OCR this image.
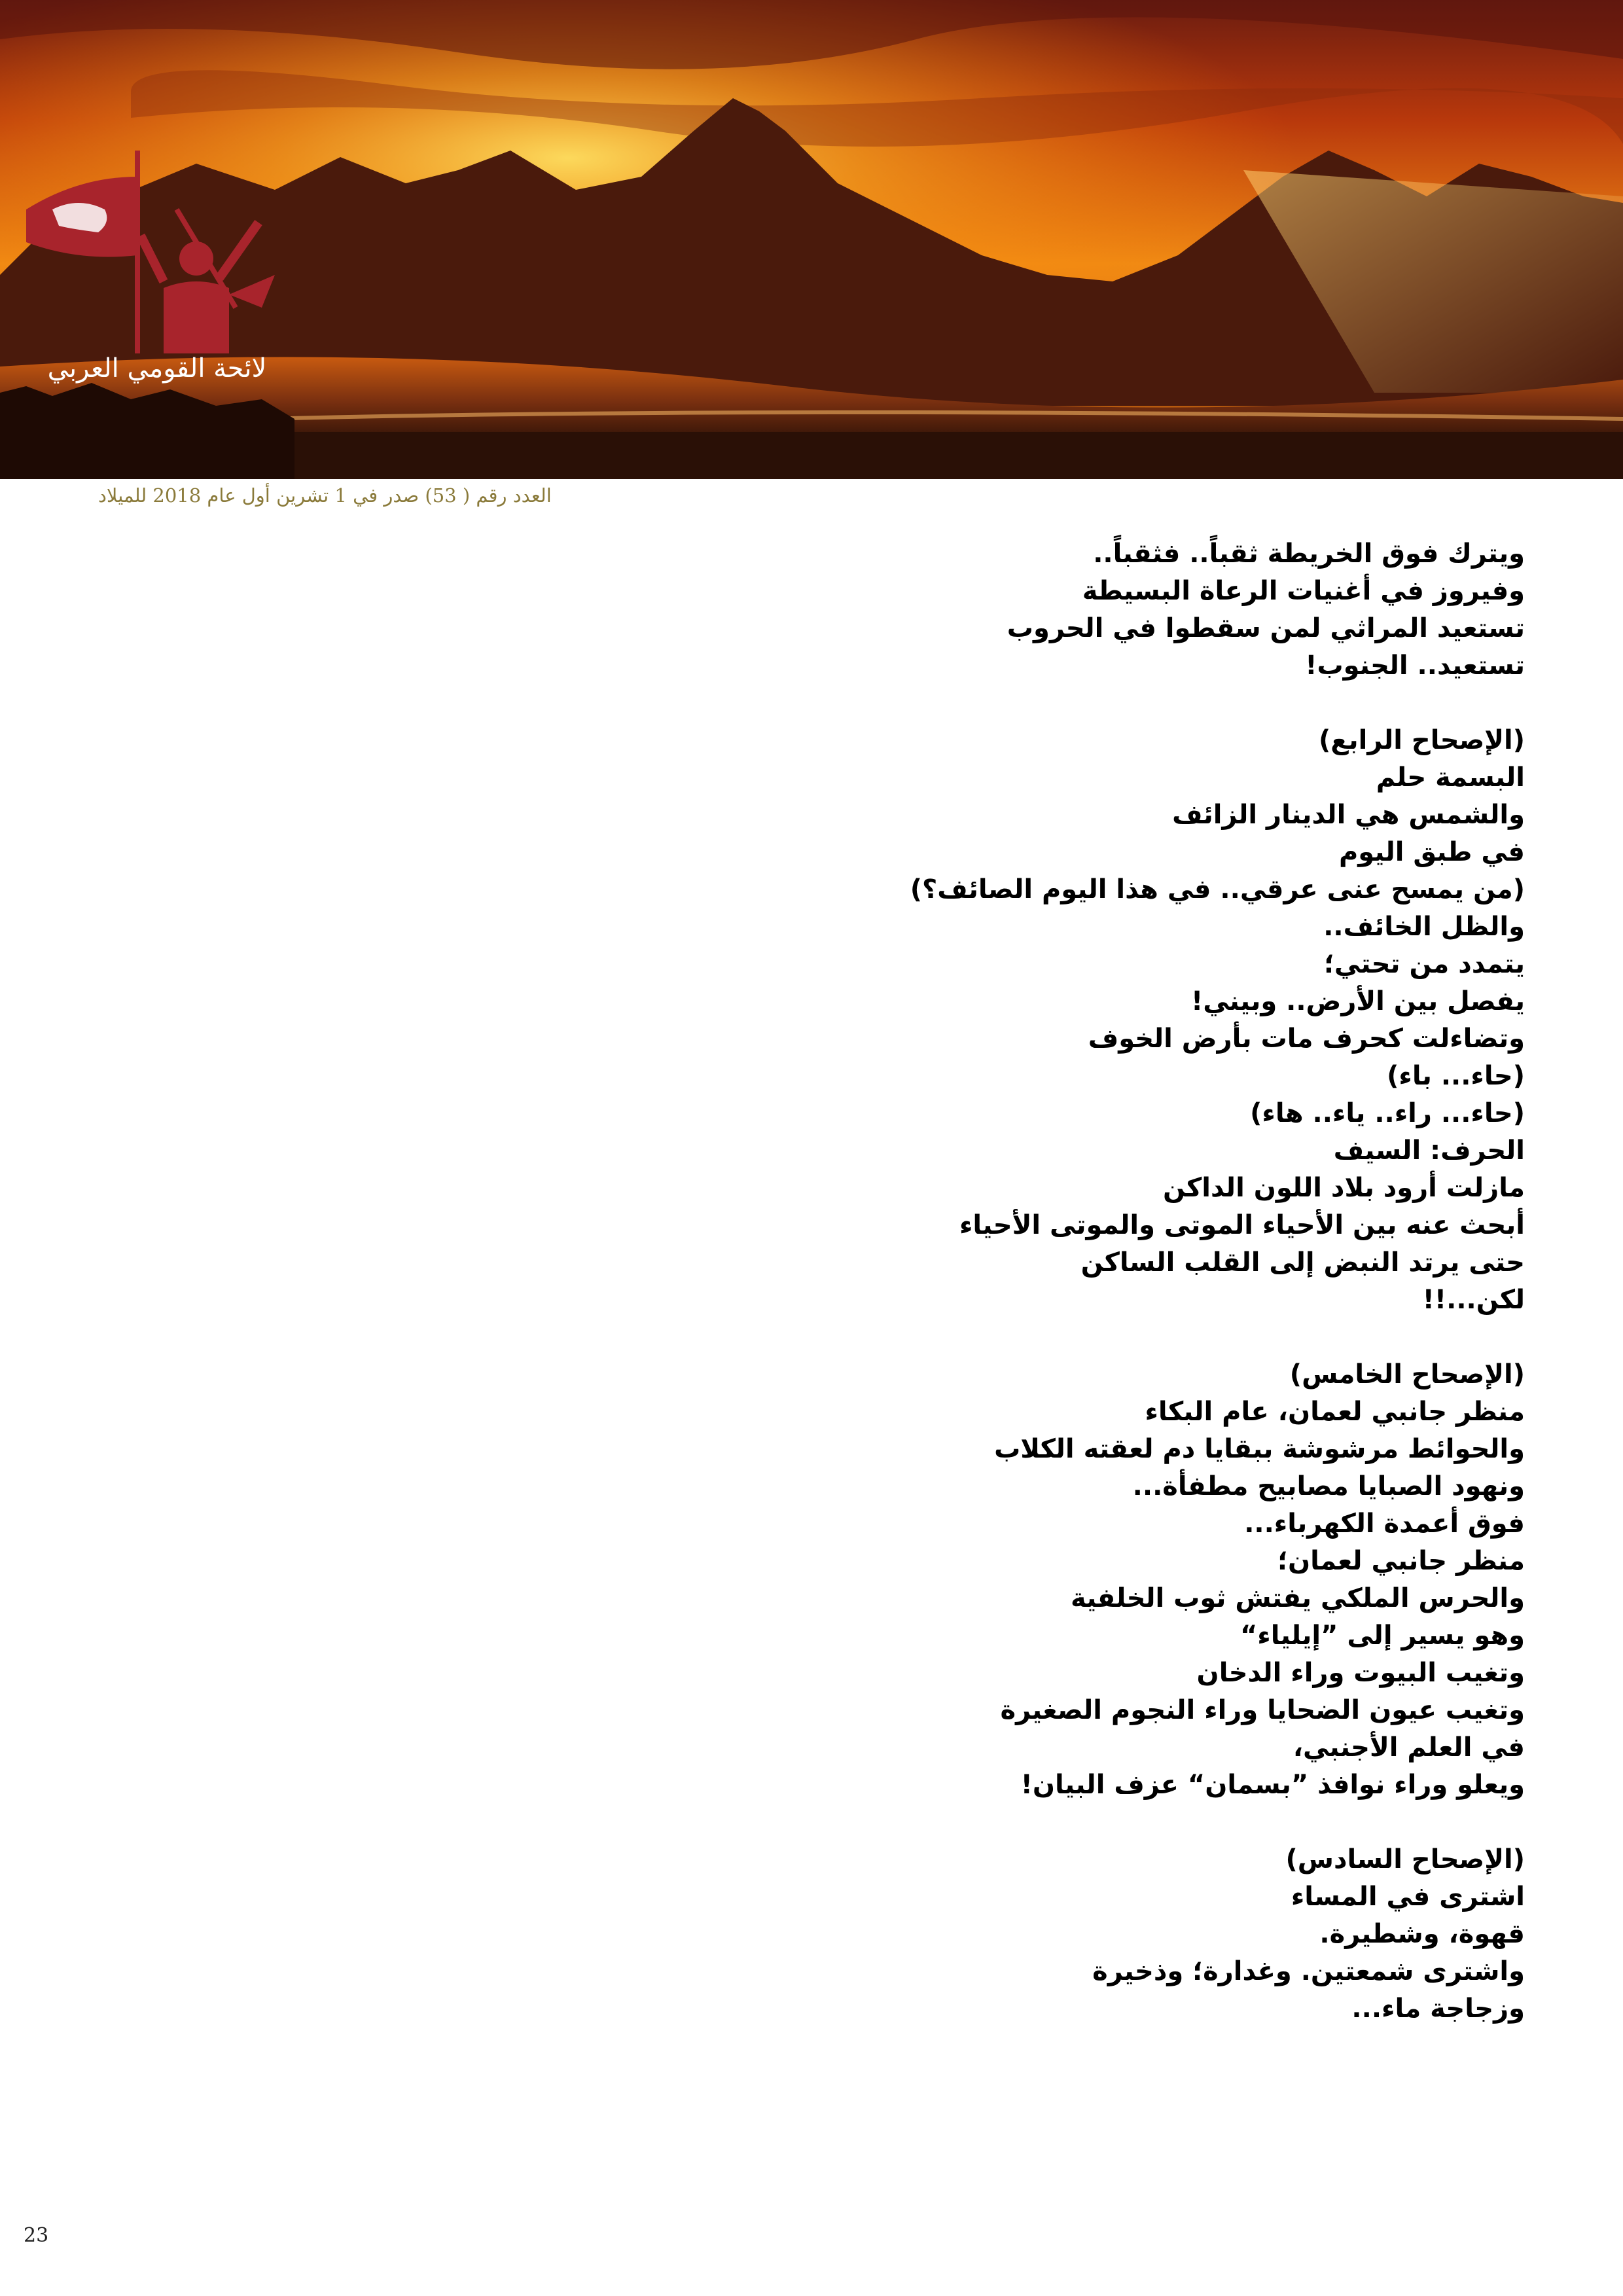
لائحة القومي العربي
العدد رقم ( 53) صدر في 1 تشرين أول عام 2018 للميلاد
ويترك فوق الخريطة ثقباً.. فثقباً..
وفيروز في أغنيات الرعاة البسيطة
تستعيد المراثي لمن سقطوا في الحروب
تستعيد.. الجنوب!
(الإصحاح الرابع)
البسمة حلم
والشمس هي الدينار الزائف
في طبق اليوم
(من يمسح عنى عرقي.. في هذا اليوم الصائف؟)
والظل الخائف..
يتمدد من تحتي؛
يفصل بين الأرض.. وبيني!
وتضاءلت كحرف مات بأرض الخوف
(حاء... باء)
(حاء... راء.. ياء.. هاء)
الحرف: السيف
مازلت أرود بلاد اللون الداكن
أبحث عنه بين الأحياء الموتى والموتى الأحياء
حتى يرتد النبض إلى القلب الساكن
لكن...!!
(الإصحاح الخامس)
منظر جانبي لعمان، عام البكاء
والحوائط مرشوشة ببقايا دم لعقته الكلاب
ونهود الصبايا مصابيح مطفأة...
فوق أعمدة الكهرباء...
منظر جانبي لعمان؛
والحرس الملكي يفتش ثوب الخلفية
وهو يسير إلى ”إيلياء“
وتغيب البيوت وراء الدخان
وتغيب عيون الضحايا وراء النجوم الصغيرة
في العلم الأجنبي،
ويعلو وراء نوافذ ”بسمان“ عزف البيان!
(الإصحاح السادس)
اشترى في المساء
قهوة، وشطيرة.
واشترى شمعتين. وغدارة؛ وذخيرة
وزجاجة ماء...
23
